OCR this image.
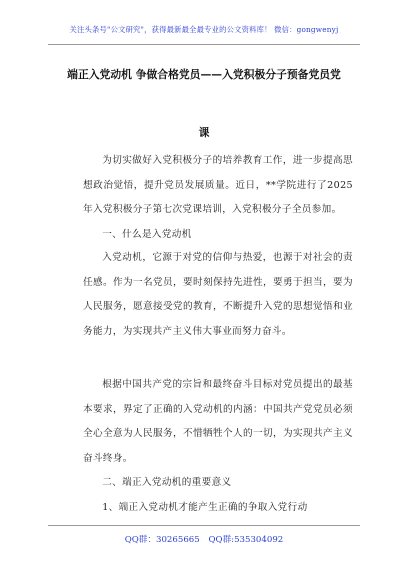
关注头条号"公文研究"，获得最新最全最专业的公文资料库！ 微信：gongwenyj
端正入党动机 争做合格党员——入党积极分子预备党员党
课

为切实做好入党积极分子的培养教育工作，进一步提高思想政治觉悟，提升党员发展质量。近日，**学院进行了2025年入党积极分子第七次党课培训，入党积极分子全员参加。

一、什么是入党动机

入党动机，它源于对党的信仰与热爱，也源于对社会的责任感。作为一名党员，要时刻保持先进性，要勇于担当，要为人民服务，愿意接受党的教育，不断提升入党的思想觉悟和业务能力，为实现共产主义伟大事业而努力奋斗。

根据中国共产党的宗旨和最终奋斗目标对党员提出的最基本要求，界定了正确的入党动机的内涵：中国共产党党员必须全心全意为人民服务，不惜牺牲个人的一切，为实现共产主义奋斗终身。

二、端正入党动机的重要意义

1、端正入党动机才能产生正确的争取入党行动

QQ群：30265665 QQ群:535304092
